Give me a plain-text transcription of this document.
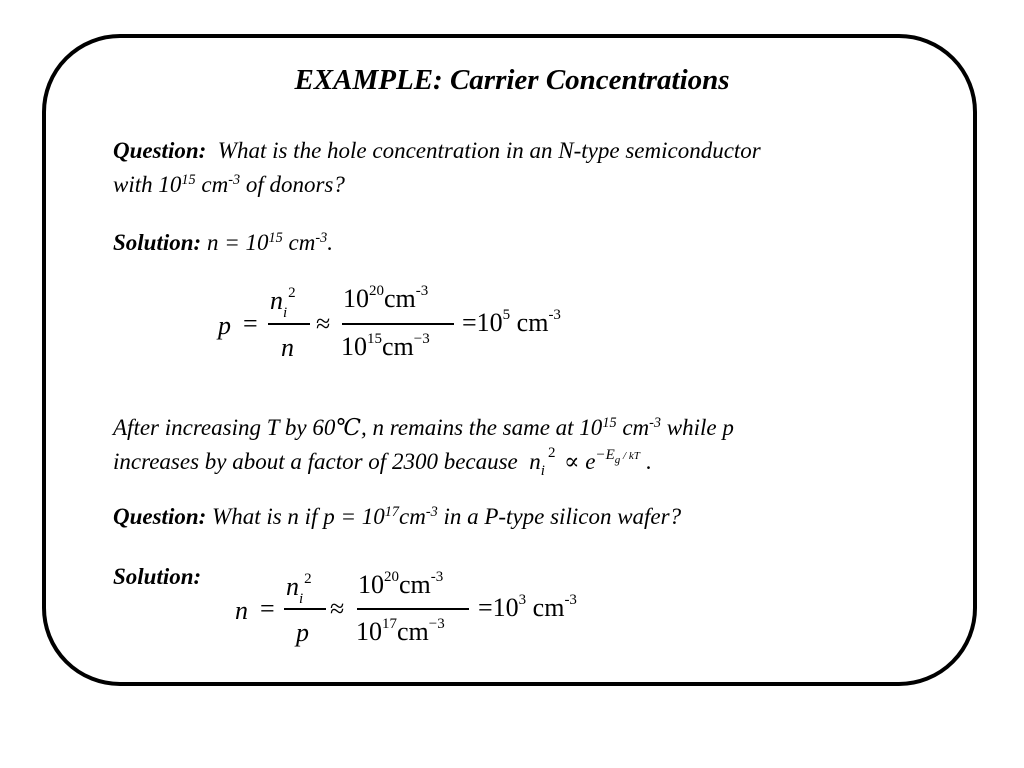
EXAMPLE: Carrier Concentrations
Question: What is the hole concentration in an N-type semiconductor
with $10^{15}$ $cm^{-3}$ of donors?
Solution: $n = 10^{15}$ $cm^{-3}$.
p =
$n_i^2$
n
≈
$10^{20}cm^{-3}$
$10^{15}cm^{-3}$
$=10^5$ $cm^{-3}$
After increasing T by 60℃, n remains the same at $10^{15}$ $cm^{-3}$ while p
increases by about a factor of 2300 because $n_i^2 \propto e^{-Eg}$ $^{/ kT}$ .
Question: What is n if $p = 10^{17}cm^{-3}$ in a P-type silicon wafer?
Solution:
n =
$n_i^2$
p
≈
$10^{20}cm^{-3}$
$10^{17}cm^{-3}$
$=10^3$ $cm^{-3}$
